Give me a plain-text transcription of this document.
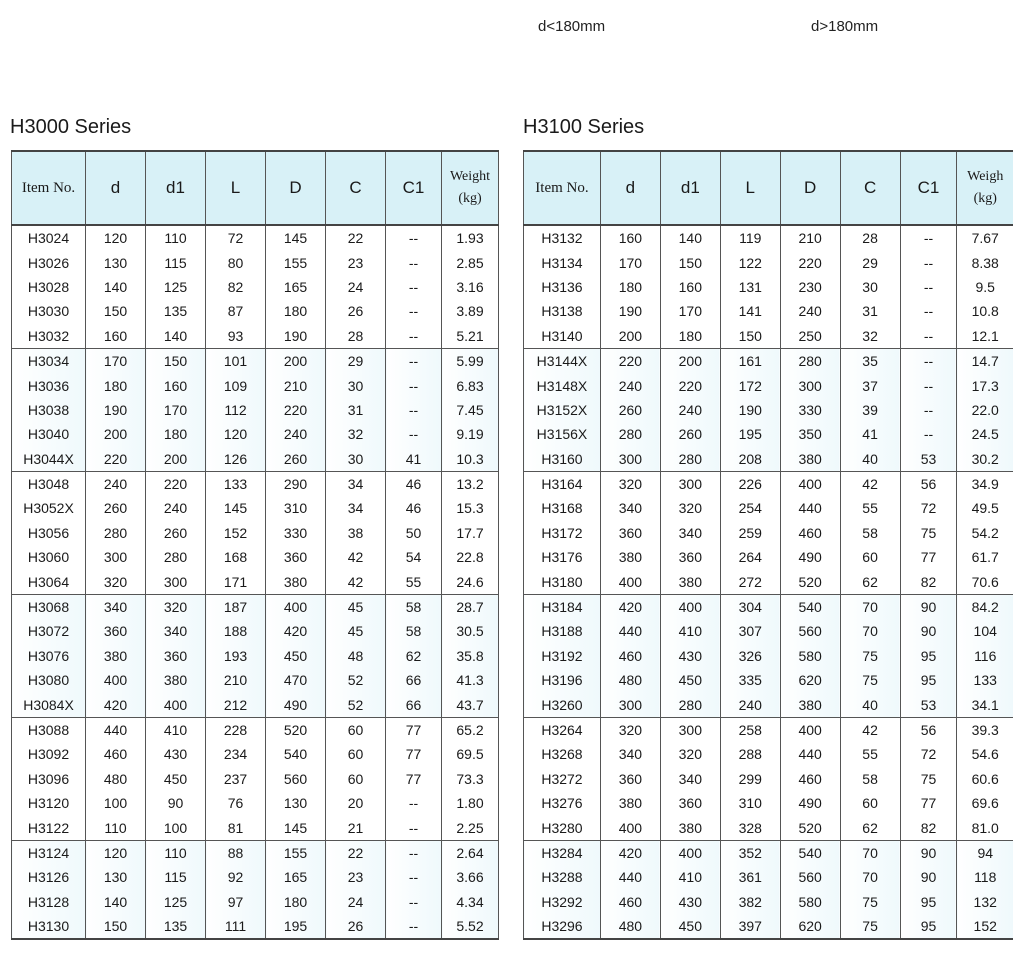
d<180mm	d>180mm
H3000 Series	H3100 Series
Item No.	d	d1	L	D	C	C1	Weight
(kg)
H3024	120	110	72	145	22	--	1.93
H3026	130	115	80	155	23	--	2.85
H3028	140	125	82	165	24	--	3.16
H3030	150	135	87	180	26	--	3.89
H3032	160	140	93	190	28	--	5.21
H3034	170	150	101	200	29	--	5.99
H3036	180	160	109	210	30	--	6.83
H3038	190	170	112	220	31	--	7.45
H3040	200	180	120	240	32	--	9.19
H3044X	220	200	126	260	30	41	10.3
H3048	240	220	133	290	34	46	13.2
H3052X	260	240	145	310	34	46	15.3
H3056	280	260	152	330	38	50	17.7
H3060	300	280	168	360	42	54	22.8
H3064	320	300	171	380	42	55	24.6
H3068	340	320	187	400	45	58	28.7
H3072	360	340	188	420	45	58	30.5
H3076	380	360	193	450	48	62	35.8
H3080	400	380	210	470	52	66	41.3
H3084X	420	400	212	490	52	66	43.7
H3088	440	410	228	520	60	77	65.2
H3092	460	430	234	540	60	77	69.5
H3096	480	450	237	560	60	77	73.3
H3120	100	90	76	130	20	--	1.80
H3122	110	100	81	145	21	--	2.25
H3124	120	110	88	155	22	--	2.64
H3126	130	115	92	165	23	--	3.66
H3128	140	125	97	180	24	--	4.34
H3130	150	135	111	195	26	--	5.52
Item No.	d	d1	L	D	C	C1	Weigh
(kg)
H3132	160	140	119	210	28	--	7.67
H3134	170	150	122	220	29	--	8.38
H3136	180	160	131	230	30	--	9.5
H3138	190	170	141	240	31	--	10.8
H3140	200	180	150	250	32	--	12.1
H3144X	220	200	161	280	35	--	14.7
H3148X	240	220	172	300	37	--	17.3
H3152X	260	240	190	330	39	--	22.0
H3156X	280	260	195	350	41	--	24.5
H3160	300	280	208	380	40	53	30.2
H3164	320	300	226	400	42	56	34.9
H3168	340	320	254	440	55	72	49.5
H3172	360	340	259	460	58	75	54.2
H3176	380	360	264	490	60	77	61.7
H3180	400	380	272	520	62	82	70.6
H3184	420	400	304	540	70	90	84.2
H3188	440	410	307	560	70	90	104
H3192	460	430	326	580	75	95	116
H3196	480	450	335	620	75	95	133
H3260	300	280	240	380	40	53	34.1
H3264	320	300	258	400	42	56	39.3
H3268	340	320	288	440	55	72	54.6
H3272	360	340	299	460	58	75	60.6
H3276	380	360	310	490	60	77	69.6
H3280	400	380	328	520	62	82	81.0
H3284	420	400	352	540	70	90	94
H3288	440	410	361	560	70	90	118
H3292	460	430	382	580	75	95	132
H3296	480	450	397	620	75	95	152
